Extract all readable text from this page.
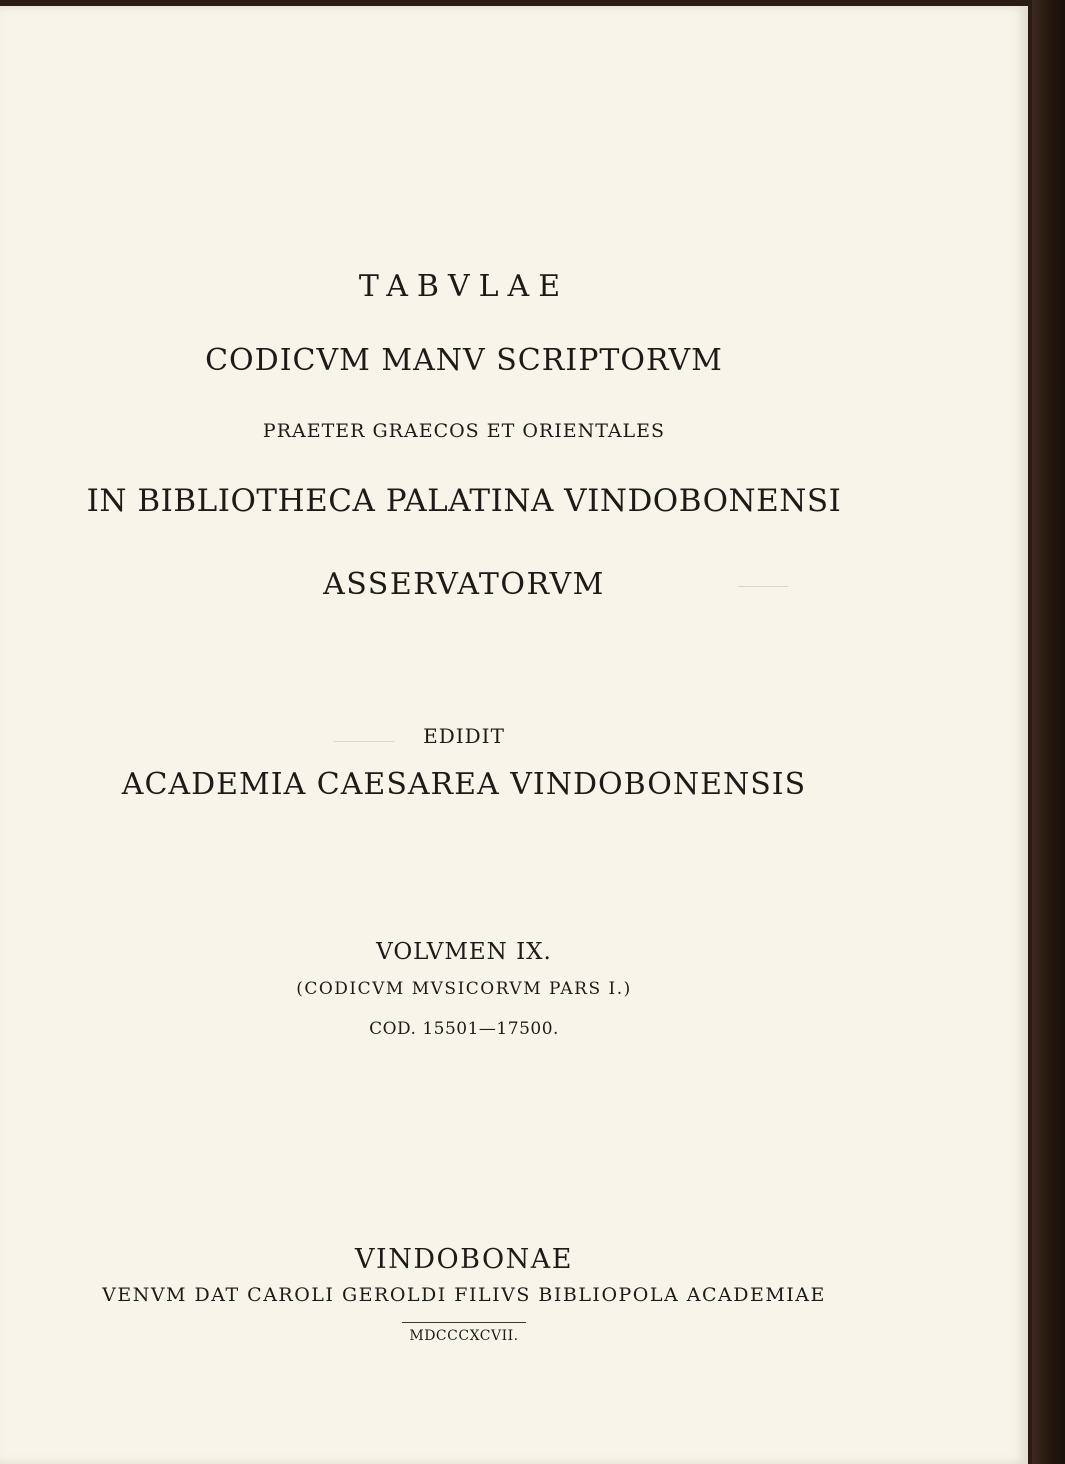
TABVLAE
CODICVM MANV SCRIPTORVM
PRAETER GRAECOS ET ORIENTALES
IN BIBLIOTHECA PALATINA VINDOBONENSI
ASSERVATORVM
EDIDIT
ACADEMIA CAESAREA VINDOBONENSIS
VOLVMEN IX.
(CODICVM MVSICORVM PARS I.)
COD. 15501—17500.
VINDOBONAE
VENVM DAT CAROLI GEROLDI FILIVS BIBLIOPOLA ACADEMIAE
MDCCCXCVII.
